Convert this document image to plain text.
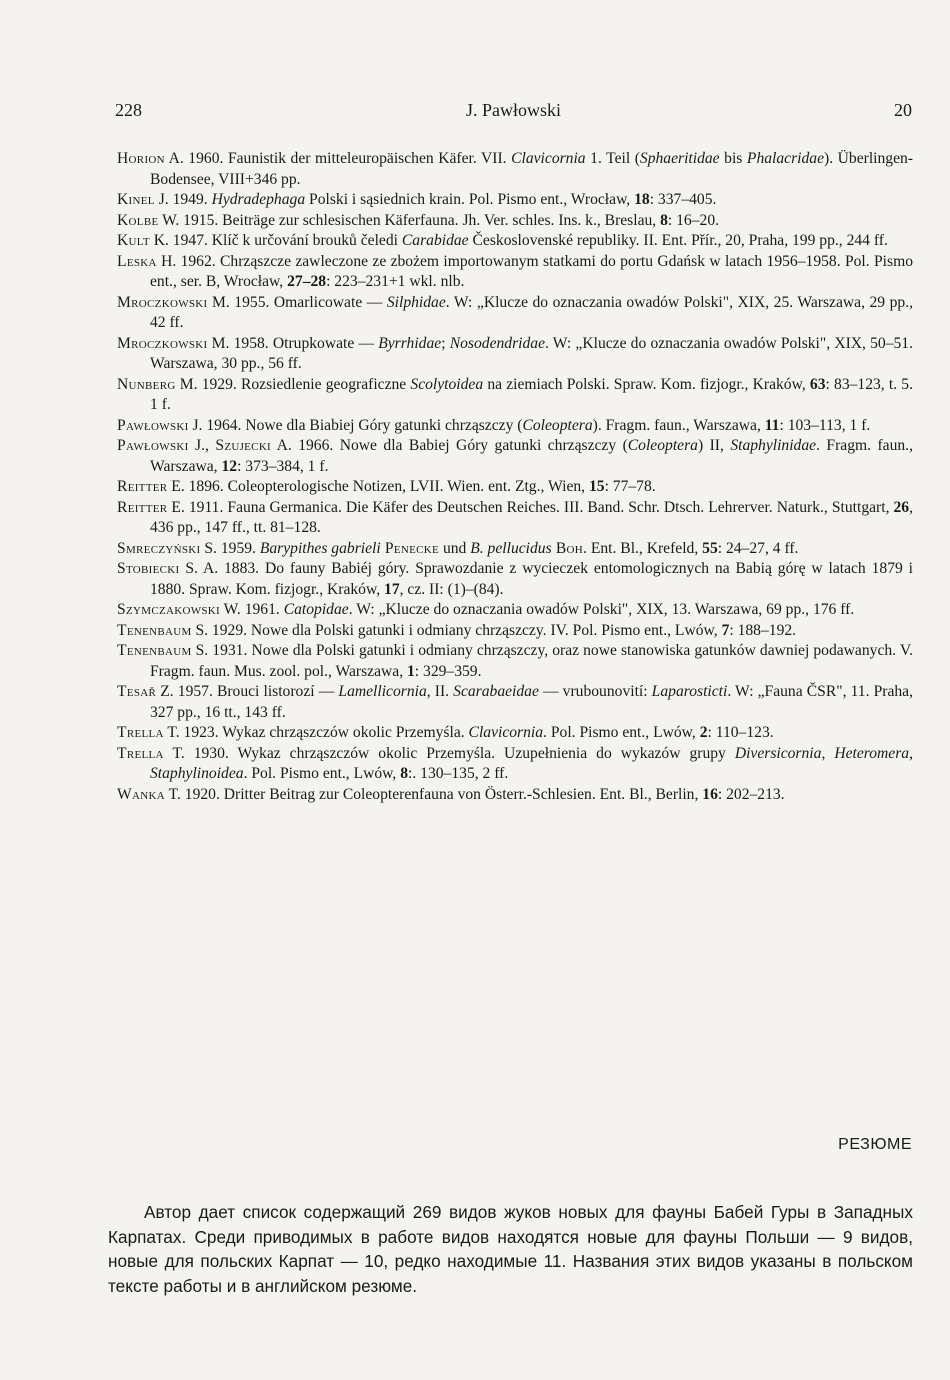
228	J. Pawłowski	20

Horion A. 1960. Faunistik der mitteleuropäischen Käfer. VII. Clavicornia 1. Teil (Sphaeritidae bis Phalacridae). Überlingen-Bodensee, VIII+346 pp.

Kinel J. 1949. Hydradephaga Polski i sąsiednich krain. Pol. Pismo ent., Wrocław, 18: 337–405.

Kolbe W. 1915. Beiträge zur schlesischen Käferfauna. Jh. Ver. schles. Ins. k., Breslau, 8: 16–20.

Kult K. 1947. Klíč k určování brouků čeledi Carabidae Československé republiky. II. Ent. Přír., 20, Praha, 199 pp., 244 ff.

Leska H. 1962. Chrząszcze zawleczone ze zbożem importowanym statkami do portu Gdańsk w latach 1956–1958. Pol. Pismo ent., ser. B, Wrocław, 27–28: 223–231+1 wkl. nlb.

Mroczkowski M. 1955. Omarlicowate — Silphidae. W: „Klucze do oznaczania owadów Polski", XIX, 25. Warszawa, 29 pp., 42 ff.

Mroczkowski M. 1958. Otrupkowate — Byrrhidae; Nosodendridae. W: „Klucze do oznaczania owadów Polski", XIX, 50–51. Warszawa, 30 pp., 56 ff.

Nunberg M. 1929. Rozsiedlenie geograficzne Scolytoidea na ziemiach Polski. Spraw. Kom. fizjogr., Kraków, 63: 83–123, t. 5. 1 f.

Pawłowski J. 1964. Nowe dla Biabiej Góry gatunki chrząszczy (Coleoptera). Fragm. faun., Warszawa, 11: 103–113, 1 f.

Pawłowski J., Szujecki A. 1966. Nowe dla Babiej Góry gatunki chrząszczy (Coleoptera) II, Staphylinidae. Fragm. faun., Warszawa, 12: 373–384, 1 f.

Reitter E. 1896. Coleopterologische Notizen, LVII. Wien. ent. Ztg., Wien, 15: 77–78.

Reitter E. 1911. Fauna Germanica. Die Käfer des Deutschen Reiches. III. Band. Schr. Dtsch. Lehrerver. Naturk., Stuttgart, 26, 436 pp., 147 ff., tt. 81–128.

Smreczyński S. 1959. Barypithes gabrieli Penecke und B. pellucidus Boh. Ent. Bl., Krefeld, 55: 24–27, 4 ff.

Stobiecki S. A. 1883. Do fauny Babiéj góry. Sprawozdanie z wycieczek entomologicznych na Babią górę w latach 1879 i 1880. Spraw. Kom. fizjogr., Kraków, 17, cz. II: (1)–(84).

Szymczakowski W. 1961. Catopidae. W: „Klucze do oznaczania owadów Polski", XIX, 13. Warszawa, 69 pp., 176 ff.

Tenenbaum S. 1929. Nowe dla Polski gatunki i odmiany chrząszczy. IV. Pol. Pismo ent., Lwów, 7: 188–192.

Tenenbaum S. 1931. Nowe dla Polski gatunki i odmiany chrząszczy, oraz nowe stanowiska gatunków dawniej podawanych. V. Fragm. faun. Mus. zool. pol., Warszawa, 1: 329–359.

Tesař Z. 1957. Brouci listorozí — Lamellicornia, II. Scarabaeidae — vrubounovití: Laparosticti. W: „Fauna ČSR", 11. Praha, 327 pp., 16 tt., 143 ff.

Trella T. 1923. Wykaz chrząszczów okolic Przemyśla. Clavicornia. Pol. Pismo ent., Lwów, 2: 110–123.

Trella T. 1930. Wykaz chrząszczów okolic Przemyśla. Uzupełnienia do wykazów grupy Diversicornia, Heteromera, Staphylinoidea. Pol. Pismo ent., Lwów, 8:. 130–135, 2 ff.

Wanka T. 1920. Dritter Beitrag zur Coleopterenfauna von Österr.-Schlesien. Ent. Bl., Berlin, 16: 202–213.

РЕЗЮМЕ

Автор дает список содержащий 269 видов жуков новых для фауны Бабей Гуры в Западных Карпатах. Среди приводимых в работе видов находятся новые для фауны Польши — 9 видов, новые для польских Карпат — 10, редко находимые 11. Названия этих видов указаны в польском тексте работы и в английском резюме.
